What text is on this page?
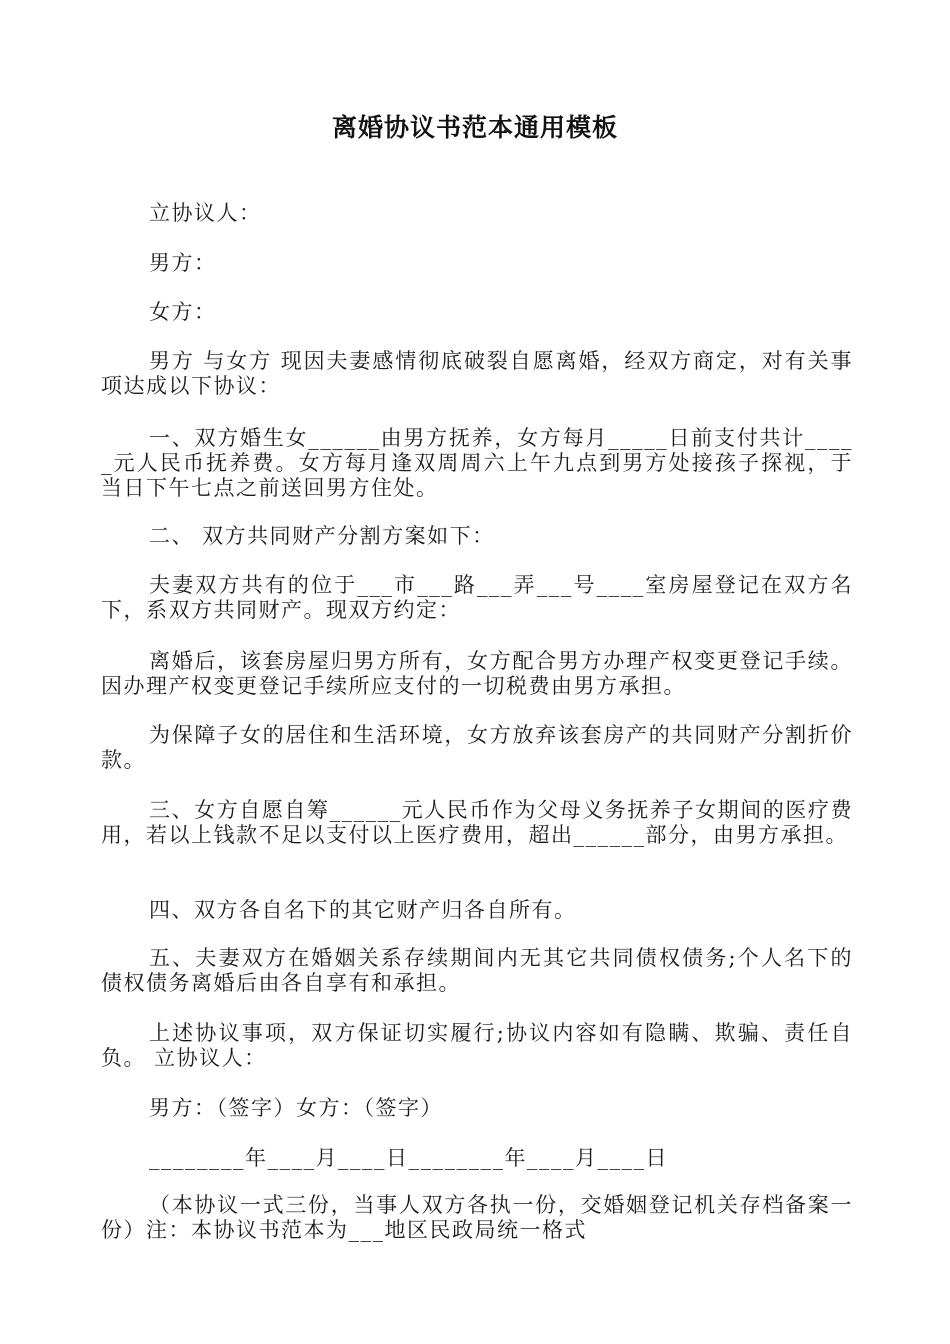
离婚协议书范本通用模板
立协议人：
男方：
女方：
男方 与女方 现因夫妻感情彻底破裂自愿离婚，经双方商定，对有关事项达成以下协议：
一、双方婚生女______由男方抚养，女方每月_____日前支付共计_____元人民币抚养费。女方每月逢双周周六上午九点到男方处接孩子探视，于当日下午七点之前送回男方住处。
二、 双方共同财产分割方案如下：
夫妻双方共有的位于___市___路___弄___号____室房屋登记在双方名下，系双方共同财产。现双方约定：
离婚后，该套房屋归男方所有，女方配合男方办理产权变更登记手续。因办理产权变更登记手续所应支付的一切税费由男方承担。
为保障子女的居住和生活环境，女方放弃该套房产的共同财产分割折价款。
三、女方自愿自筹______元人民币作为父母义务抚养子女期间的医疗费用，若以上钱款不足以支付以上医疗费用，超出______部分，由男方承担。
四、双方各自名下的其它财产归各自所有。
五、夫妻双方在婚姻关系存续期间内无其它共同债权债务;个人名下的债权债务离婚后由各自享有和承担。
上述协议事项，双方保证切实履行;协议内容如有隐瞒、欺骗、责任自负。 立协议人：
男方：（签字）女方：（签字）
________年____月____日________年____月____日
（本协议一式三份，当事人双方各执一份，交婚姻登记机关存档备案一份）注：本协议书范本为___地区民政局统一格式
